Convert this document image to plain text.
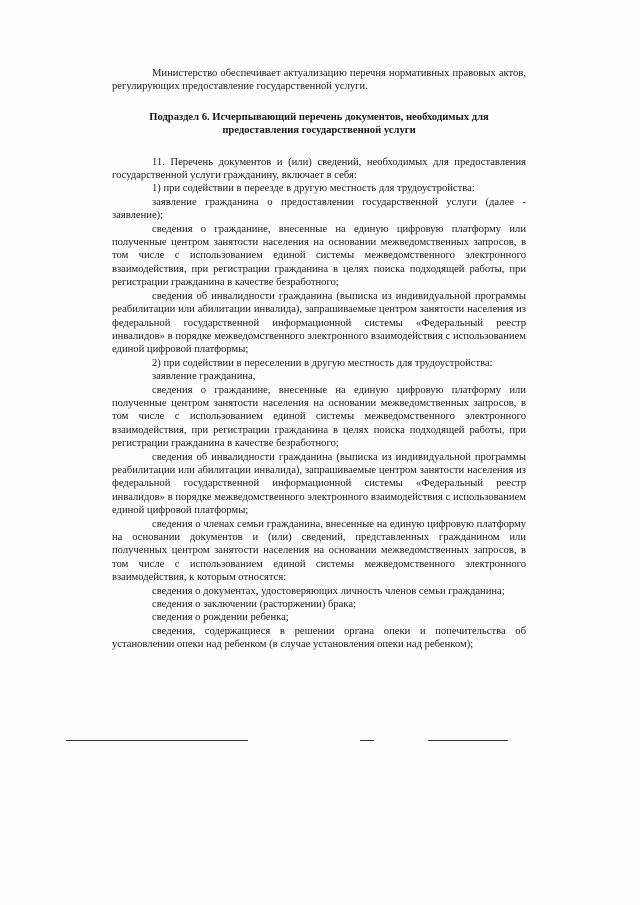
Министерство обеспечивает актуализацию перечня нормативных правовых актов, регулирующих предоставление государственной услуги.

Подраздел 6. Исчерпывающий перечень документов, необходимых для
предоставления государственной услуги

11. Перечень документов и (или) сведений, необходимых для предоставления государственной услуги гражданину, включает в себя:

1) при содействии в переезде в другую местность для трудоустройства:

заявление гражданина о предоставлении государственной услуги (далее - заявление);

сведения о гражданине, внесенные на единую цифровую платформу или полученные центром занятости населения на основании межведомственных запросов, в том числе с использованием единой системы межведомственного электронного взаимодействия, при регистрации гражданина в целях поиска подходящей работы, при регистрации гражданина в качестве безработного;

сведения об инвалидности гражданина (выписка из индивидуальной программы реабилитации или абилитации инвалида), запрашиваемые центром занятости населения из федеральной государственной информационной системы «Федеральный реестр инвалидов» в порядке межведомственного электронного взаимодействия с использованием единой цифровой платформы;

2) при содействии в переселении в другую местность для трудоустройства:

заявление гражданина,

сведения о гражданине, внесенные на единую цифровую платформу или полученные центром занятости населения на основании межведомственных запросов, в том числе с использованием единой системы межведомственного электронного взаимодействия, при регистрации гражданина в целях поиска подходящей работы, при регистрации гражданина в качестве безработного;

сведения об инвалидности гражданина (выписка из индивидуальной программы реабилитации или абилитации инвалида), запрашиваемые центром занятости населения из федеральной государственной информационной системы «Федеральный реестр инвалидов» в порядке межведомственного электронного взаимодействия с использованием единой цифровой платформы;

сведения о членах семьи гражданина, внесенные на единую цифровую платформу на основании документов и (или) сведений, представленных гражданином или полученных центром занятости населения на основании межведомственных запросов, в том числе с использованием единой системы межведомственного электронного взаимодействия, к которым относятся:

сведения о документах, удостоверяющих личность членов семьи гражданина;

сведения о заключении (расторжении) брака;

сведения о рождении ребенка;

сведения, содержащиеся в решении органа опеки и попечительства об установлении опеки над ребенком (в случае установления опеки над ребенком);
